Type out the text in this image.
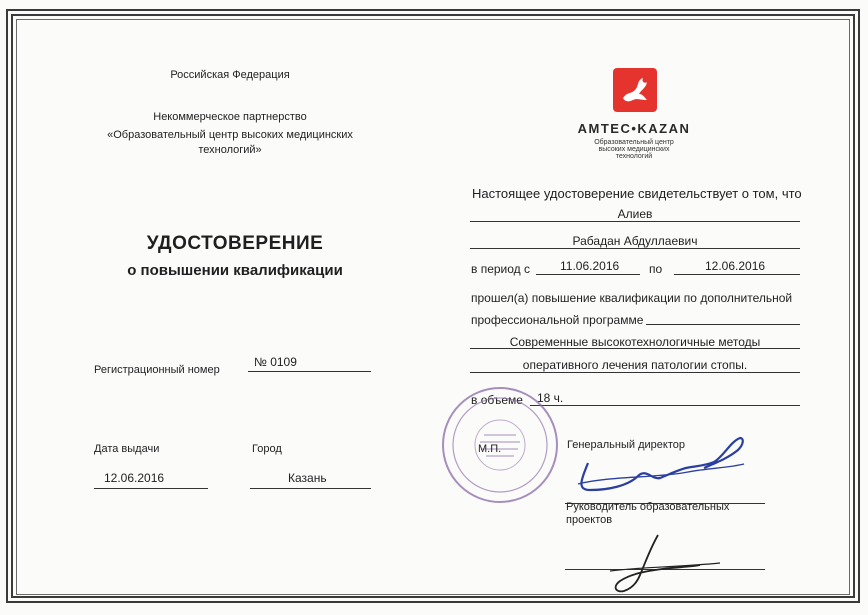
Российская Федерация
Некоммерческое партнерство
«Образовательный центр высоких медицинских
технологий»
УДОСТОВЕРЕНИЕ
о повышении квалификации
Регистрационный номер
№ 0109
Дата выдачи
12.06.2016
Город
Казань
AMTEC•KAZAN
Образовательный центр
высоких медицинских
технологий
Настоящее удостоверение свидетельствует о том, что
Алиев
Рабадан Абдуллаевич
в период с 11.06.2016 по	12.06.2016
прошел(а) повышение квалификации по дополнительной
профессиональной программе
Современные высокотехнологичные методы
оперативного лечения патологии стопы.
в объеме 18 ч.
М.П.	Генеральный директор
Руководитель образовательных
проектов
